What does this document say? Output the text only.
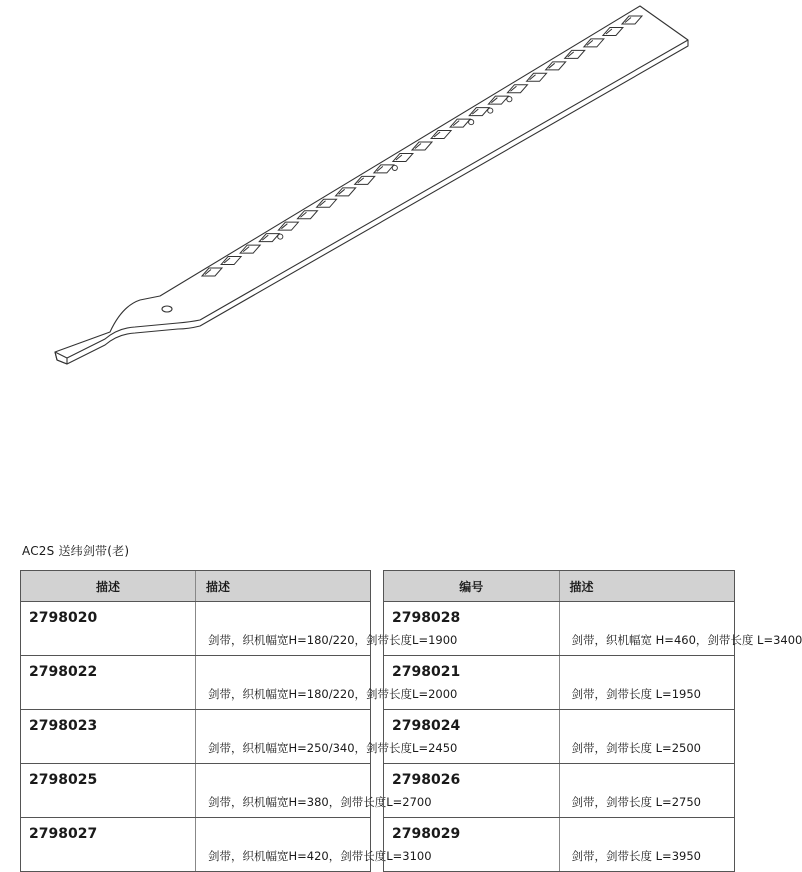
AC2S 送纬剑带(老)
描述	描述
2798020	剑带，织机幅宽H=180/220，剑带长度L=1900
2798022	剑带，织机幅宽H=180/220，剑带长度L=2000
2798023	剑带，织机幅宽H=250/340，剑带长度L=2450
2798025	剑带，织机幅宽H=380，剑带长度L=2700
2798027	剑带，织机幅宽H=420，剑带长度L=3100
编号	描述
2798028	剑带，织机幅宽 H=460，剑带长度 L=3400
2798021	剑带，剑带长度 L=1950
2798024	剑带，剑带长度 L=2500
2798026	剑带，剑带长度 L=2750
2798029	剑带，剑带长度 L=3950
